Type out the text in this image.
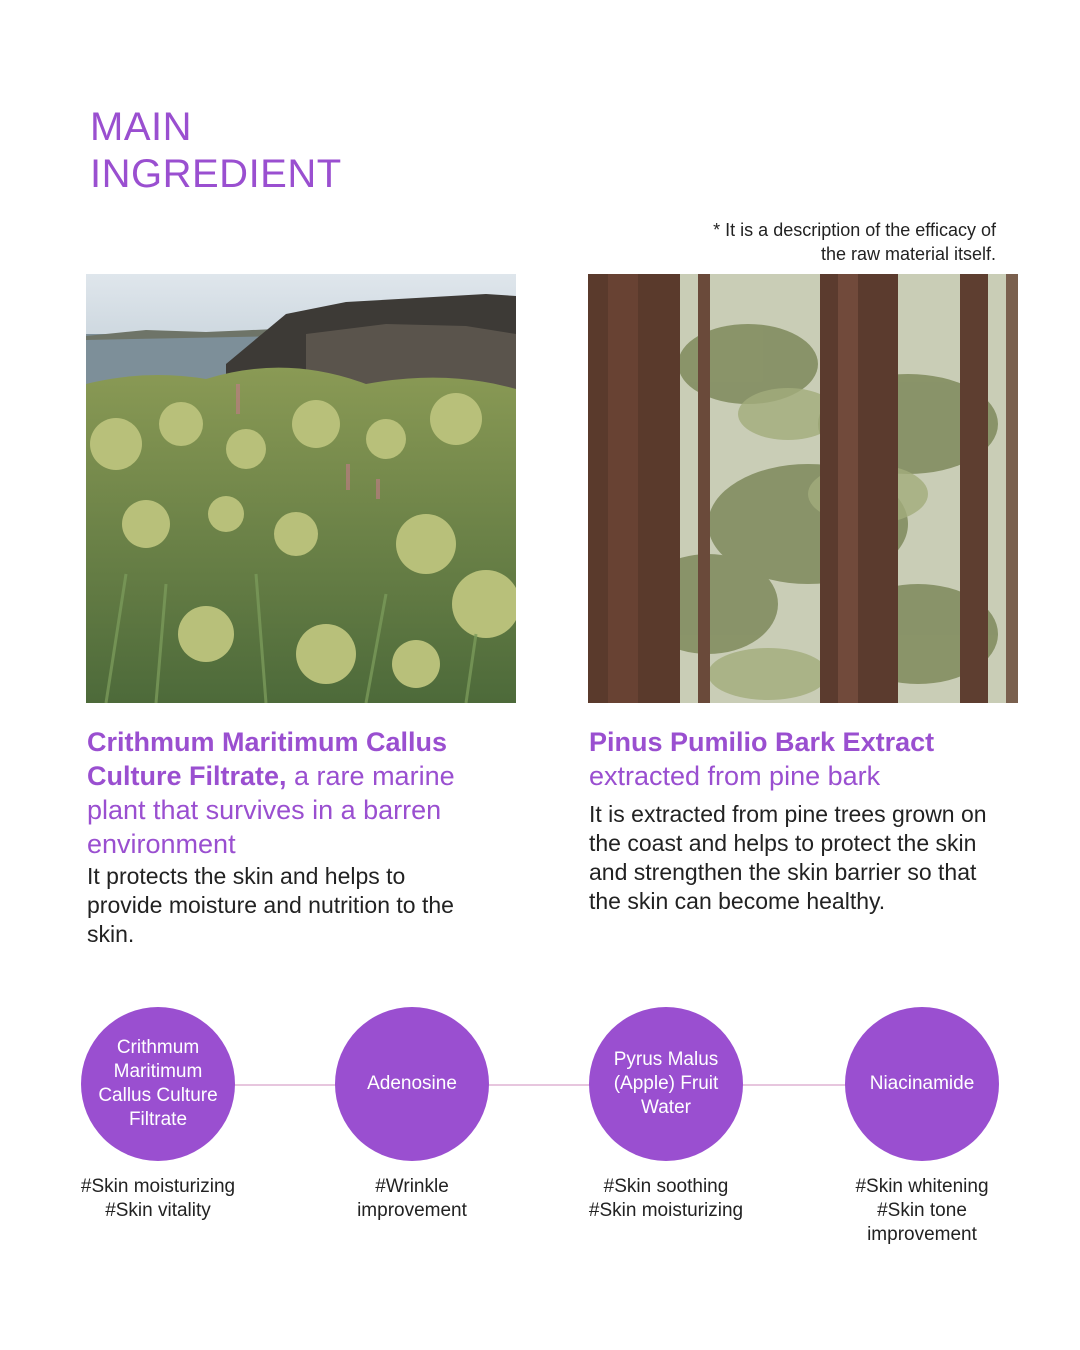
MAIN
INGREDIENT
* It is a description of the efficacy of
the raw material itself.
Crithmum Maritimum Callus Culture Filtrate, a rare marine plant that survives in a barren environment
It protects the skin and helps to provide moisture and nutrition to the skin.
Pinus Pumilio Bark Extract
extracted from pine bark
It is extracted from pine trees grown on the coast and helps to protect the skin and strengthen the skin barrier so that the skin can become healthy.
Crithmum
Maritimum
Callus Culture
Filtrate
Adenosine
Pyrus Malus
(Apple) Fruit
Water
Niacinamide
#Skin moisturizing
#Skin vitality
#Wrinkle
improvement
#Skin soothing
#Skin moisturizing
#Skin whitening
#Skin tone
improvement
